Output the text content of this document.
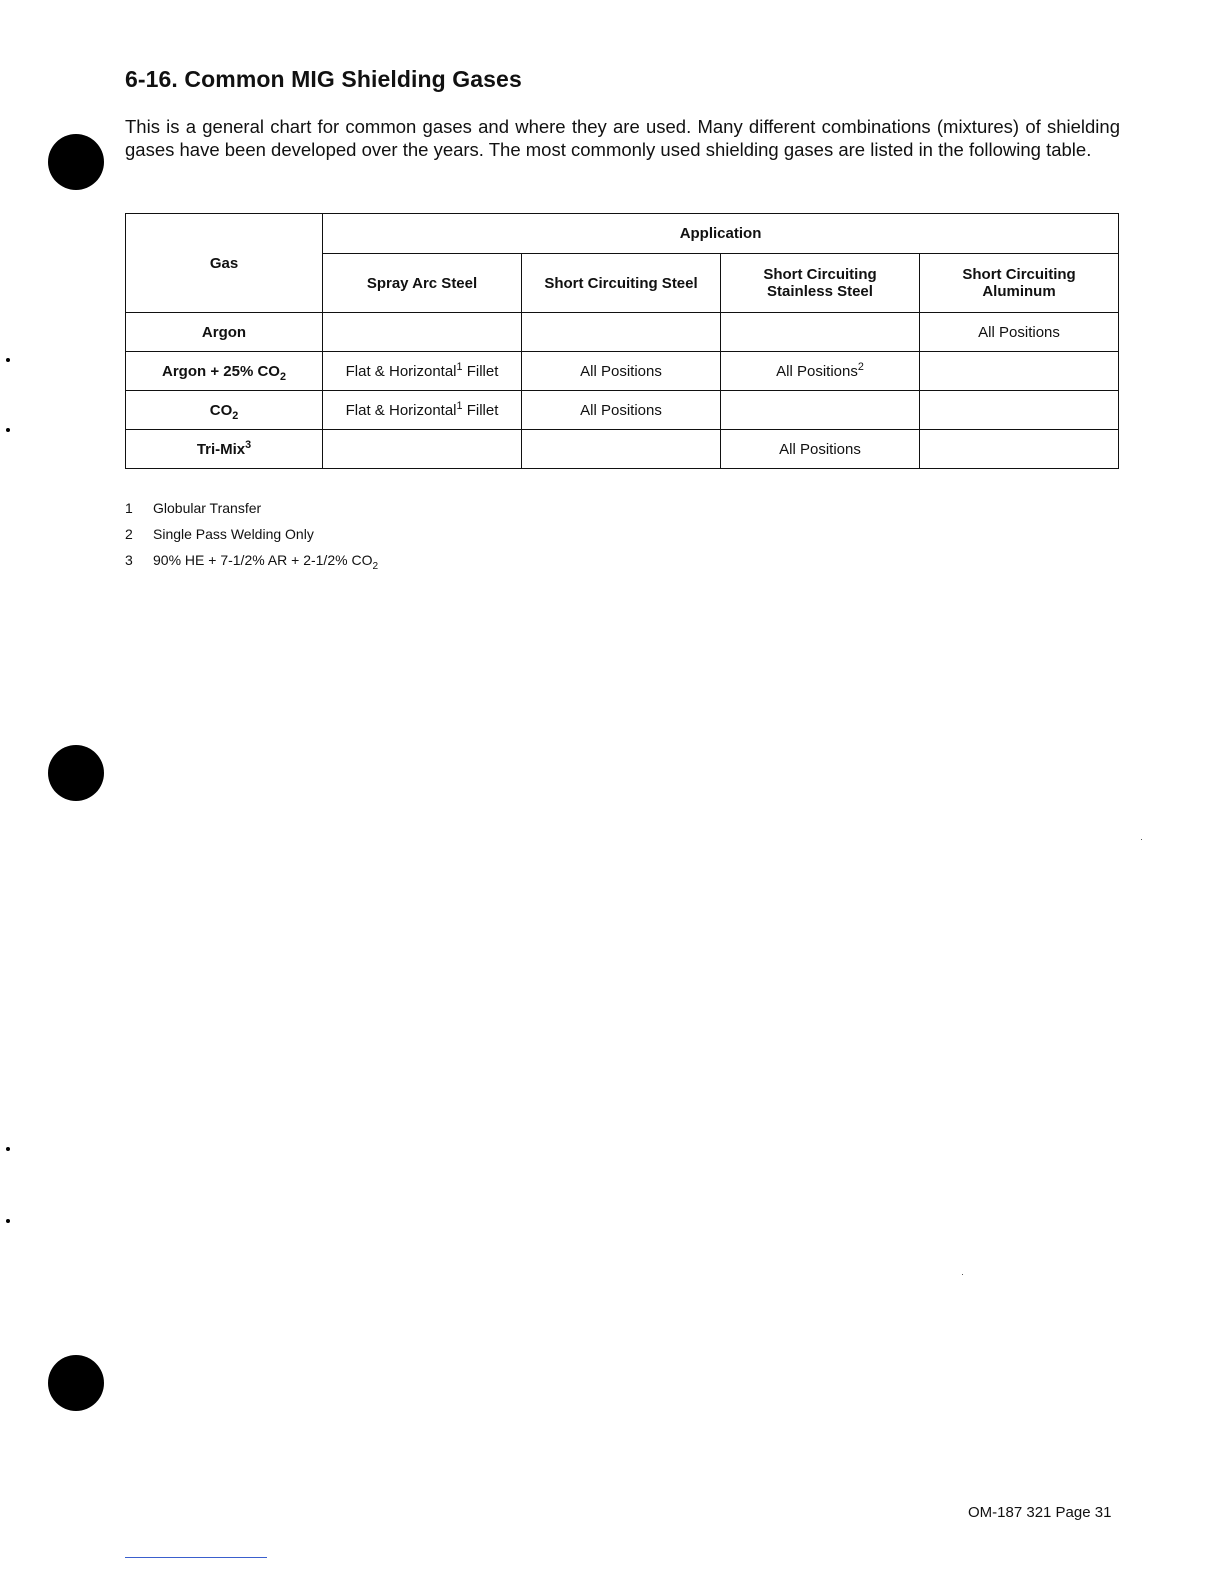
6-16. Common MIG Shielding Gases
This is a general chart for common gases and where they are used. Many different combinations (mixtures) of shielding gases have been developed over the years. The most commonly used shielding gases are listed in the following table.
Gas	Application			
	Spray Arc Steel	Short Circuiting Steel	Short Circuiting Stainless Steel	Short Circuiting Aluminum
Argon				All Positions
Argon + 25% $CO_2$	Flat & Horizontal$^1$ Fillet	All Positions	All Positions$^2$	
$CO_2$	Flat & Horizontal$^1$ Fillet	All Positions		
Tri-Mix$^3$			All Positions	
1	Globular Transfer
2	Single Pass Welding Only
3	90% HE + 7-1/2% AR + 2-1/2% $CO_2$
OM-187 321 Page 31
